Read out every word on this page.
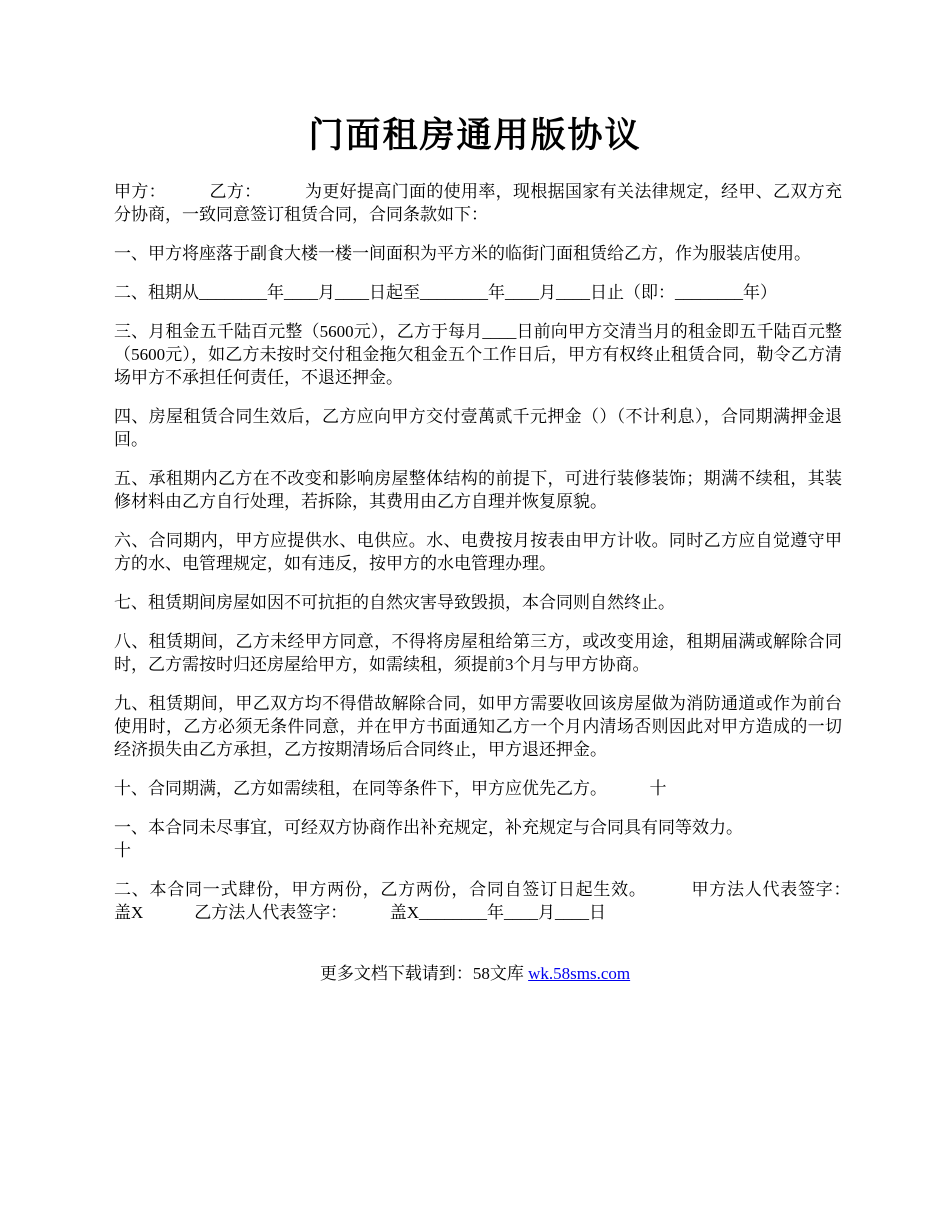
门面租房通用版协议

甲方：　　　乙方：　　　为更好提高门面的使用率，现根据国家有关法律规定，经甲、乙双方充分协商，一致同意签订租赁合同，合同条款如下：

一、甲方将座落于副食大楼一楼一间面积为平方米的临街门面租赁给乙方，作为服装店使用。

二、租期从________年____月____日起至________年____月____日止（即：________年）

三、月租金五千陆百元整（5600元），乙方于每月____日前向甲方交清当月的租金即五千陆百元整（5600元），如乙方未按时交付租金拖欠租金五个工作日后，甲方有权终止租赁合同，勒令乙方清场甲方不承担任何责任，不退还押金。

四、房屋租赁合同生效后，乙方应向甲方交付壹萬贰千元押金（）（不计利息），合同期满押金退回。

五、承租期内乙方在不改变和影响房屋整体结构的前提下，可进行装修装饰；期满不续租，其装修材料由乙方自行处理，若拆除，其费用由乙方自理并恢复原貌。

六、合同期内，甲方应提供水、电供应。水、电费按月按表由甲方计收。同时乙方应自觉遵守甲方的水、电管理规定，如有违反，按甲方的水电管理办理。

七、租赁期间房屋如因不可抗拒的自然灾害导致毁损，本合同则自然终止。

八、租赁期间，乙方未经甲方同意，不得将房屋租给第三方，或改变用途，租期届满或解除合同时，乙方需按时归还房屋给甲方，如需续租，须提前3个月与甲方协商。

九、租赁期间，甲乙双方均不得借故解除合同，如甲方需要收回该房屋做为消防通道或作为前台使用时，乙方必须无条件同意，并在甲方书面通知乙方一个月内清场否则因此对甲方造成的一切经济损失由乙方承担，乙方按期清场后合同终止，甲方退还押金。

十、合同期满，乙方如需续租，在同等条件下，甲方应优先乙方。　　　十

一、本合同未尽事宜，可经双方协商作出补充规定，补充规定与合同具有同等效力。
十

二、本合同一式肆份，甲方两份，乙方两份，合同自签订日起生效。　　　甲方法人代表签字：　　　盖X　　　乙方法人代表签字：　　　盖X________年____月____日

更多文档下载请到：58文库 wk.58sms.com
